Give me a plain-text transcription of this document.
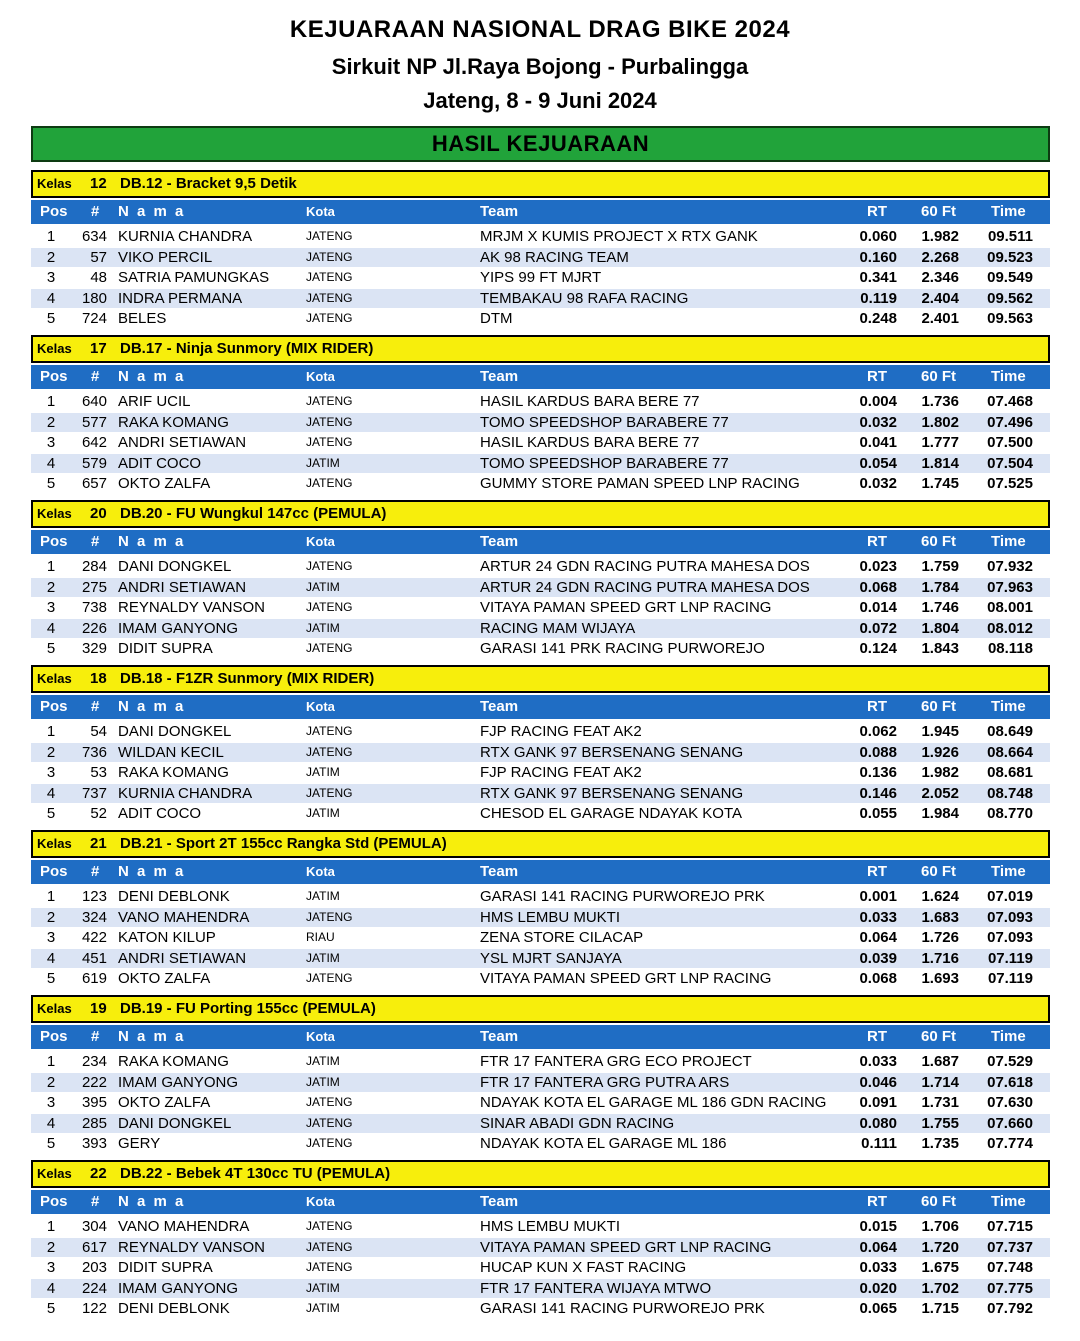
KEJUARAAN NASIONAL DRAG BIKE 2024
Sirkuit NP Jl.Raya Bojong - Purbalingga
Jateng, 8 - 9 Juni 2024
HASIL KEJUARAAN
Kelas 12 DB.12 - Bracket 9,5 Detik
Pos # N a m a	Kota	Team	RT 60 Ft Time
1	634 KURNIA CHANDRA	JATENG	MRJM X KUMIS PROJECT X RTX GANK	0.060	1.982	09.511
2	57 VIKO PERCIL	JATENG	AK 98 RACING TEAM	0.160	2.268	09.523
3	48 SATRIA PAMUNGKAS	JATENG	YIPS 99 FT MJRT	0.341	2.346	09.549
4	180 INDRA PERMANA	JATENG	TEMBAKAU 98 RAFA RACING	0.119	2.404	09.562
5	724 BELES	JATENG	DTM	0.248	2.401	09.563
Kelas 17 DB.17 - Ninja Sunmory (MIX RIDER)
Pos # N a m a	Kota	Team	RT 60 Ft Time
1	640 ARIF UCIL	JATENG	HASIL KARDUS BARA BERE 77	0.004	1.736	07.468
2	577 RAKA KOMANG	JATENG	TOMO SPEEDSHOP BARABERE 77	0.032	1.802	07.496
3	642 ANDRI SETIAWAN	JATENG	HASIL KARDUS BARA BERE 77	0.041	1.777	07.500
4	579 ADIT COCO	JATIM	TOMO SPEEDSHOP BARABERE 77	0.054	1.814	07.504
5	657 OKTO ZALFA	JATENG	GUMMY STORE PAMAN SPEED LNP RACING	0.032	1.745	07.525
Kelas 20 DB.20 - FU Wungkul 147cc (PEMULA)
Pos # N a m a	Kota	Team	RT 60 Ft Time
1	284 DANI DONGKEL	JATENG	ARTUR 24 GDN RACING PUTRA MAHESA DOS	0.023	1.759	07.932
2	275 ANDRI SETIAWAN	JATIM	ARTUR 24 GDN RACING PUTRA MAHESA DOS	0.068	1.784	07.963
3	738 REYNALDY VANSON	JATENG	VITAYA PAMAN SPEED GRT LNP RACING	0.014	1.746	08.001
4	226 IMAM GANYONG	JATIM	RACING MAM WIJAYA	0.072	1.804	08.012
5	329 DIDIT SUPRA	JATENG	GARASI 141 PRK RACING PURWOREJO	0.124	1.843	08.118
Kelas 18 DB.18 - F1ZR Sunmory (MIX RIDER)
Pos # N a m a	Kota	Team	RT 60 Ft Time
1	54 DANI DONGKEL	JATENG	FJP RACING FEAT AK2	0.062	1.945	08.649
2	736 WILDAN KECIL	JATENG	RTX GANK 97 BERSENANG SENANG	0.088	1.926	08.664
3	53 RAKA KOMANG	JATIM	FJP RACING FEAT AK2	0.136	1.982	08.681
4	737 KURNIA CHANDRA	JATENG	RTX GANK 97 BERSENANG SENANG	0.146	2.052	08.748
5	52 ADIT COCO	JATIM	CHESOD EL GARAGE NDAYAK KOTA	0.055	1.984	08.770
Kelas 21 DB.21 - Sport 2T 155cc Rangka Std (PEMULA)
Pos # N a m a	Kota	Team	RT 60 Ft Time
1	123 DENI DEBLONK	JATIM	GARASI 141 RACING PURWOREJO PRK	0.001	1.624	07.019
2	324 VANO MAHENDRA	JATENG	HMS LEMBU MUKTI	0.033	1.683	07.093
3	422 KATON KILUP	RIAU	ZENA STORE CILACAP	0.064	1.726	07.093
4	451 ANDRI SETIAWAN	JATIM	YSL MJRT SANJAYA	0.039	1.716	07.119
5	619 OKTO ZALFA	JATENG	VITAYA PAMAN SPEED GRT LNP RACING	0.068	1.693	07.119
Kelas 19 DB.19 - FU Porting 155cc (PEMULA)
Pos # N a m a	Kota	Team	RT 60 Ft Time
1	234 RAKA KOMANG	JATIM	FTR 17 FANTERA GRG ECO PROJECT	0.033	1.687	07.529
2	222 IMAM GANYONG	JATIM	FTR 17 FANTERA GRG PUTRA ARS	0.046	1.714	07.618
3	395 OKTO ZALFA	JATENG	NDAYAK KOTA EL GARAGE ML 186 GDN RACING	0.091	1.731	07.630
4	285 DANI DONGKEL	JATENG	SINAR ABADI GDN RACING	0.080	1.755	07.660
5	393 GERY	JATENG	NDAYAK KOTA EL GARAGE ML 186	0.111	1.735	07.774
Kelas 22 DB.22 - Bebek 4T 130cc TU (PEMULA)
Pos # N a m a	Kota	Team	RT 60 Ft Time
1	304 VANO MAHENDRA	JATENG	HMS LEMBU MUKTI	0.015	1.706	07.715
2	617 REYNALDY VANSON	JATENG	VITAYA PAMAN SPEED GRT LNP RACING	0.064	1.720	07.737
3	203 DIDIT SUPRA	JATENG	HUCAP KUN X FAST RACING	0.033	1.675	07.748
4	224 IMAM GANYONG	JATIM	FTR 17 FANTERA WIJAYA MTWO	0.020	1.702	07.775
5	122 DENI DEBLONK	JATIM	GARASI 141 RACING PURWOREJO PRK	0.065	1.715	07.792
